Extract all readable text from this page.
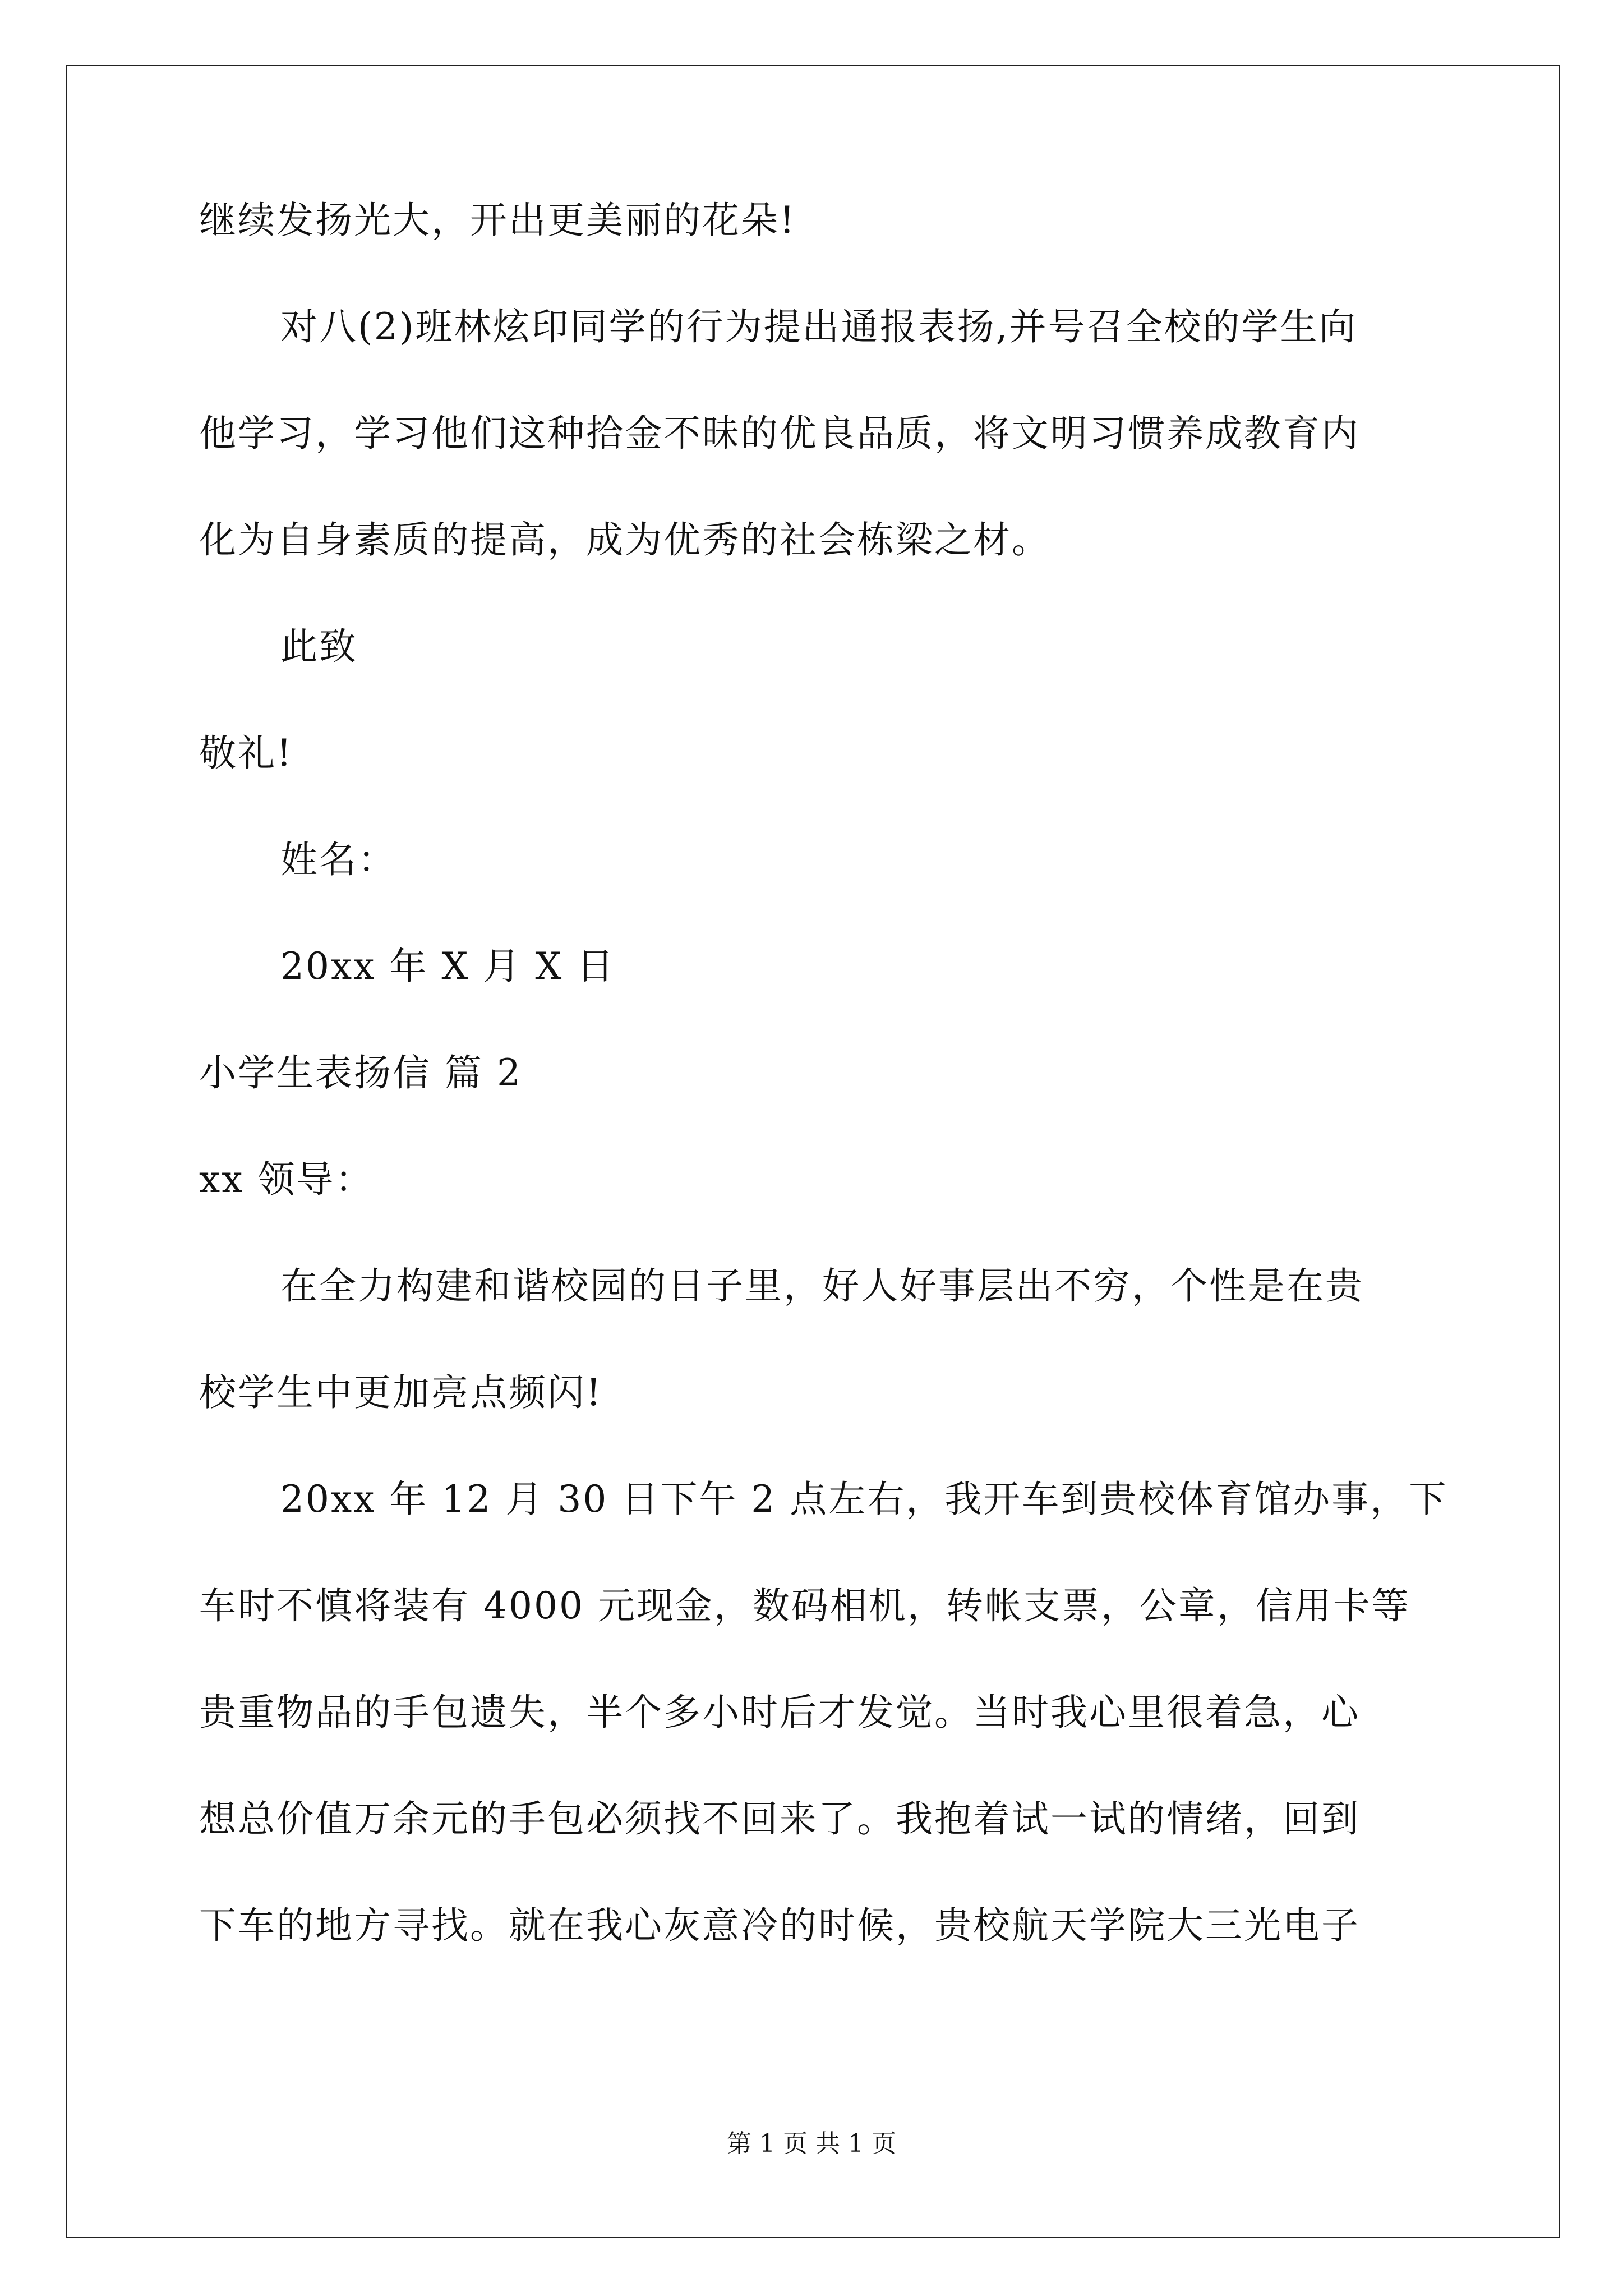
继续发扬光大，开出更美丽的花朵!
对八(2)班林炫印同学的行为提出通报表扬,并号召全校的学生向
他学习，学习他们这种拾金不昧的优良品质，将文明习惯养成教育内
化为自身素质的提高，成为优秀的社会栋梁之材。
此致
敬礼!
姓名：
20xx 年 X 月 X 日
小学生表扬信 篇 2
xx 领导：
在全力构建和谐校园的日子里，好人好事层出不穷，个性是在贵
校学生中更加亮点频闪!
20xx 年 12 月 30 日下午 2 点左右，我开车到贵校体育馆办事，下
车时不慎将装有 4000 元现金，数码相机，转帐支票，公章，信用卡等
贵重物品的手包遗失，半个多小时后才发觉。当时我心里很着急，心
想总价值万余元的手包必须找不回来了。我抱着试一试的情绪，回到
下车的地方寻找。就在我心灰意冷的时候，贵校航天学院大三光电子
第 1 页 共 1 页
